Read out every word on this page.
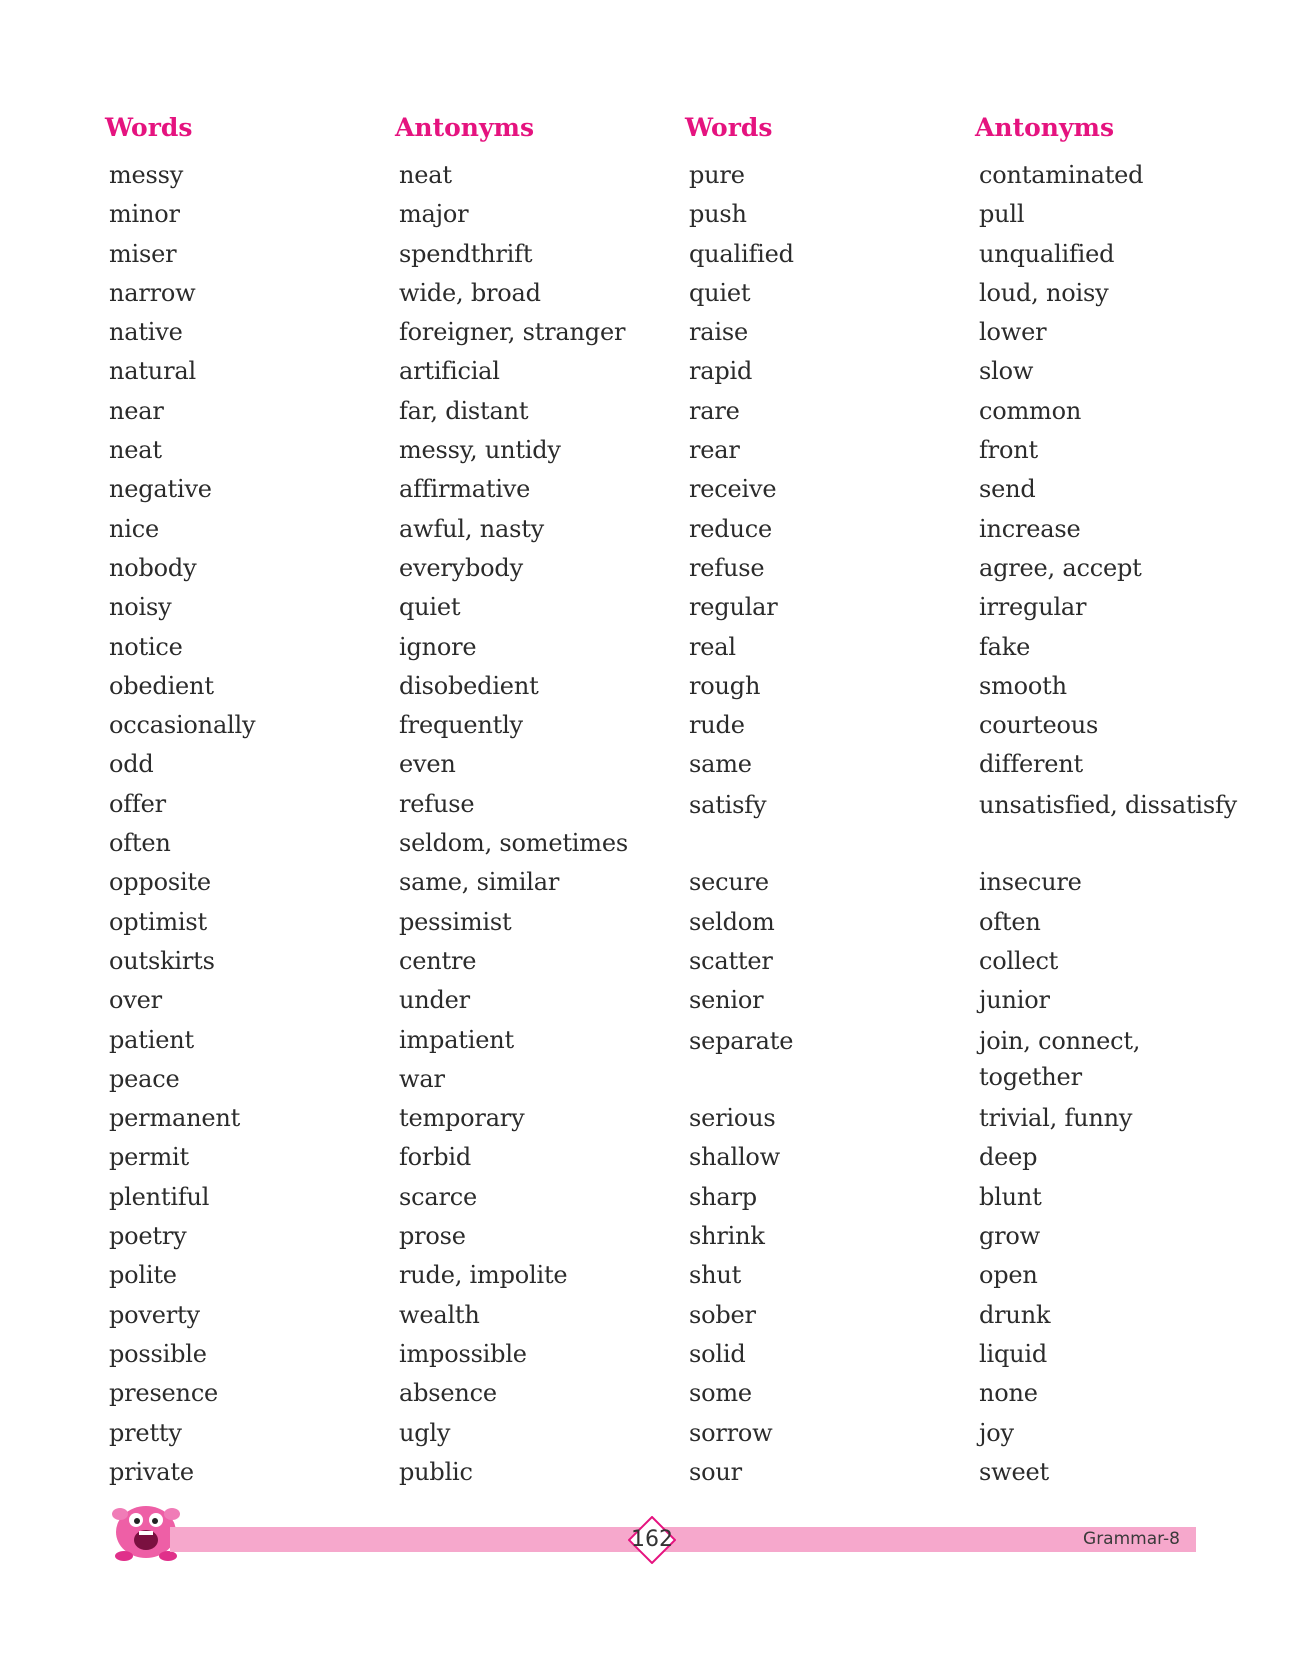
Words
messy
minor
miser
narrow
native
natural
near
neat
negative
nice
nobody
noisy
notice
obedient
occasionally
odd
offer
often
opposite
optimist
outskirts
over
patient
peace
permanent
permit
plentiful
poetry
polite
poverty
possible
presence
pretty
private
Antonyms
neat
major
spendthrift
wide, broad
foreigner, stranger
artificial
far, distant
messy, untidy
affirmative
awful, nasty
everybody
quiet
ignore
disobedient
frequently
even
refuse
seldom, sometimes
same, similar
pessimist
centre
under
impatient
war
temporary
forbid
scarce
prose
rude, impolite
wealth
impossible
absence
ugly
public
Words
pure
push
qualified
quiet
raise
rapid
rare
rear
receive
reduce
refuse
regular
real
rough
rude
same
satisfy
secure
seldom
scatter
senior
separate
serious
shallow
sharp
shrink
shut
sober
solid
some
sorrow
sour
Antonyms
contaminated
pull
unqualified
loud, noisy
lower
slow
common
front
send
increase
agree, accept
irregular
fake
smooth
courteous
different
unsatisfied, dissatisfy
insecure
often
collect
junior
join, connect, together
trivial, funny
deep
blunt
grow
open
drunk
liquid
none
joy
sweet
162	Grammar-8
